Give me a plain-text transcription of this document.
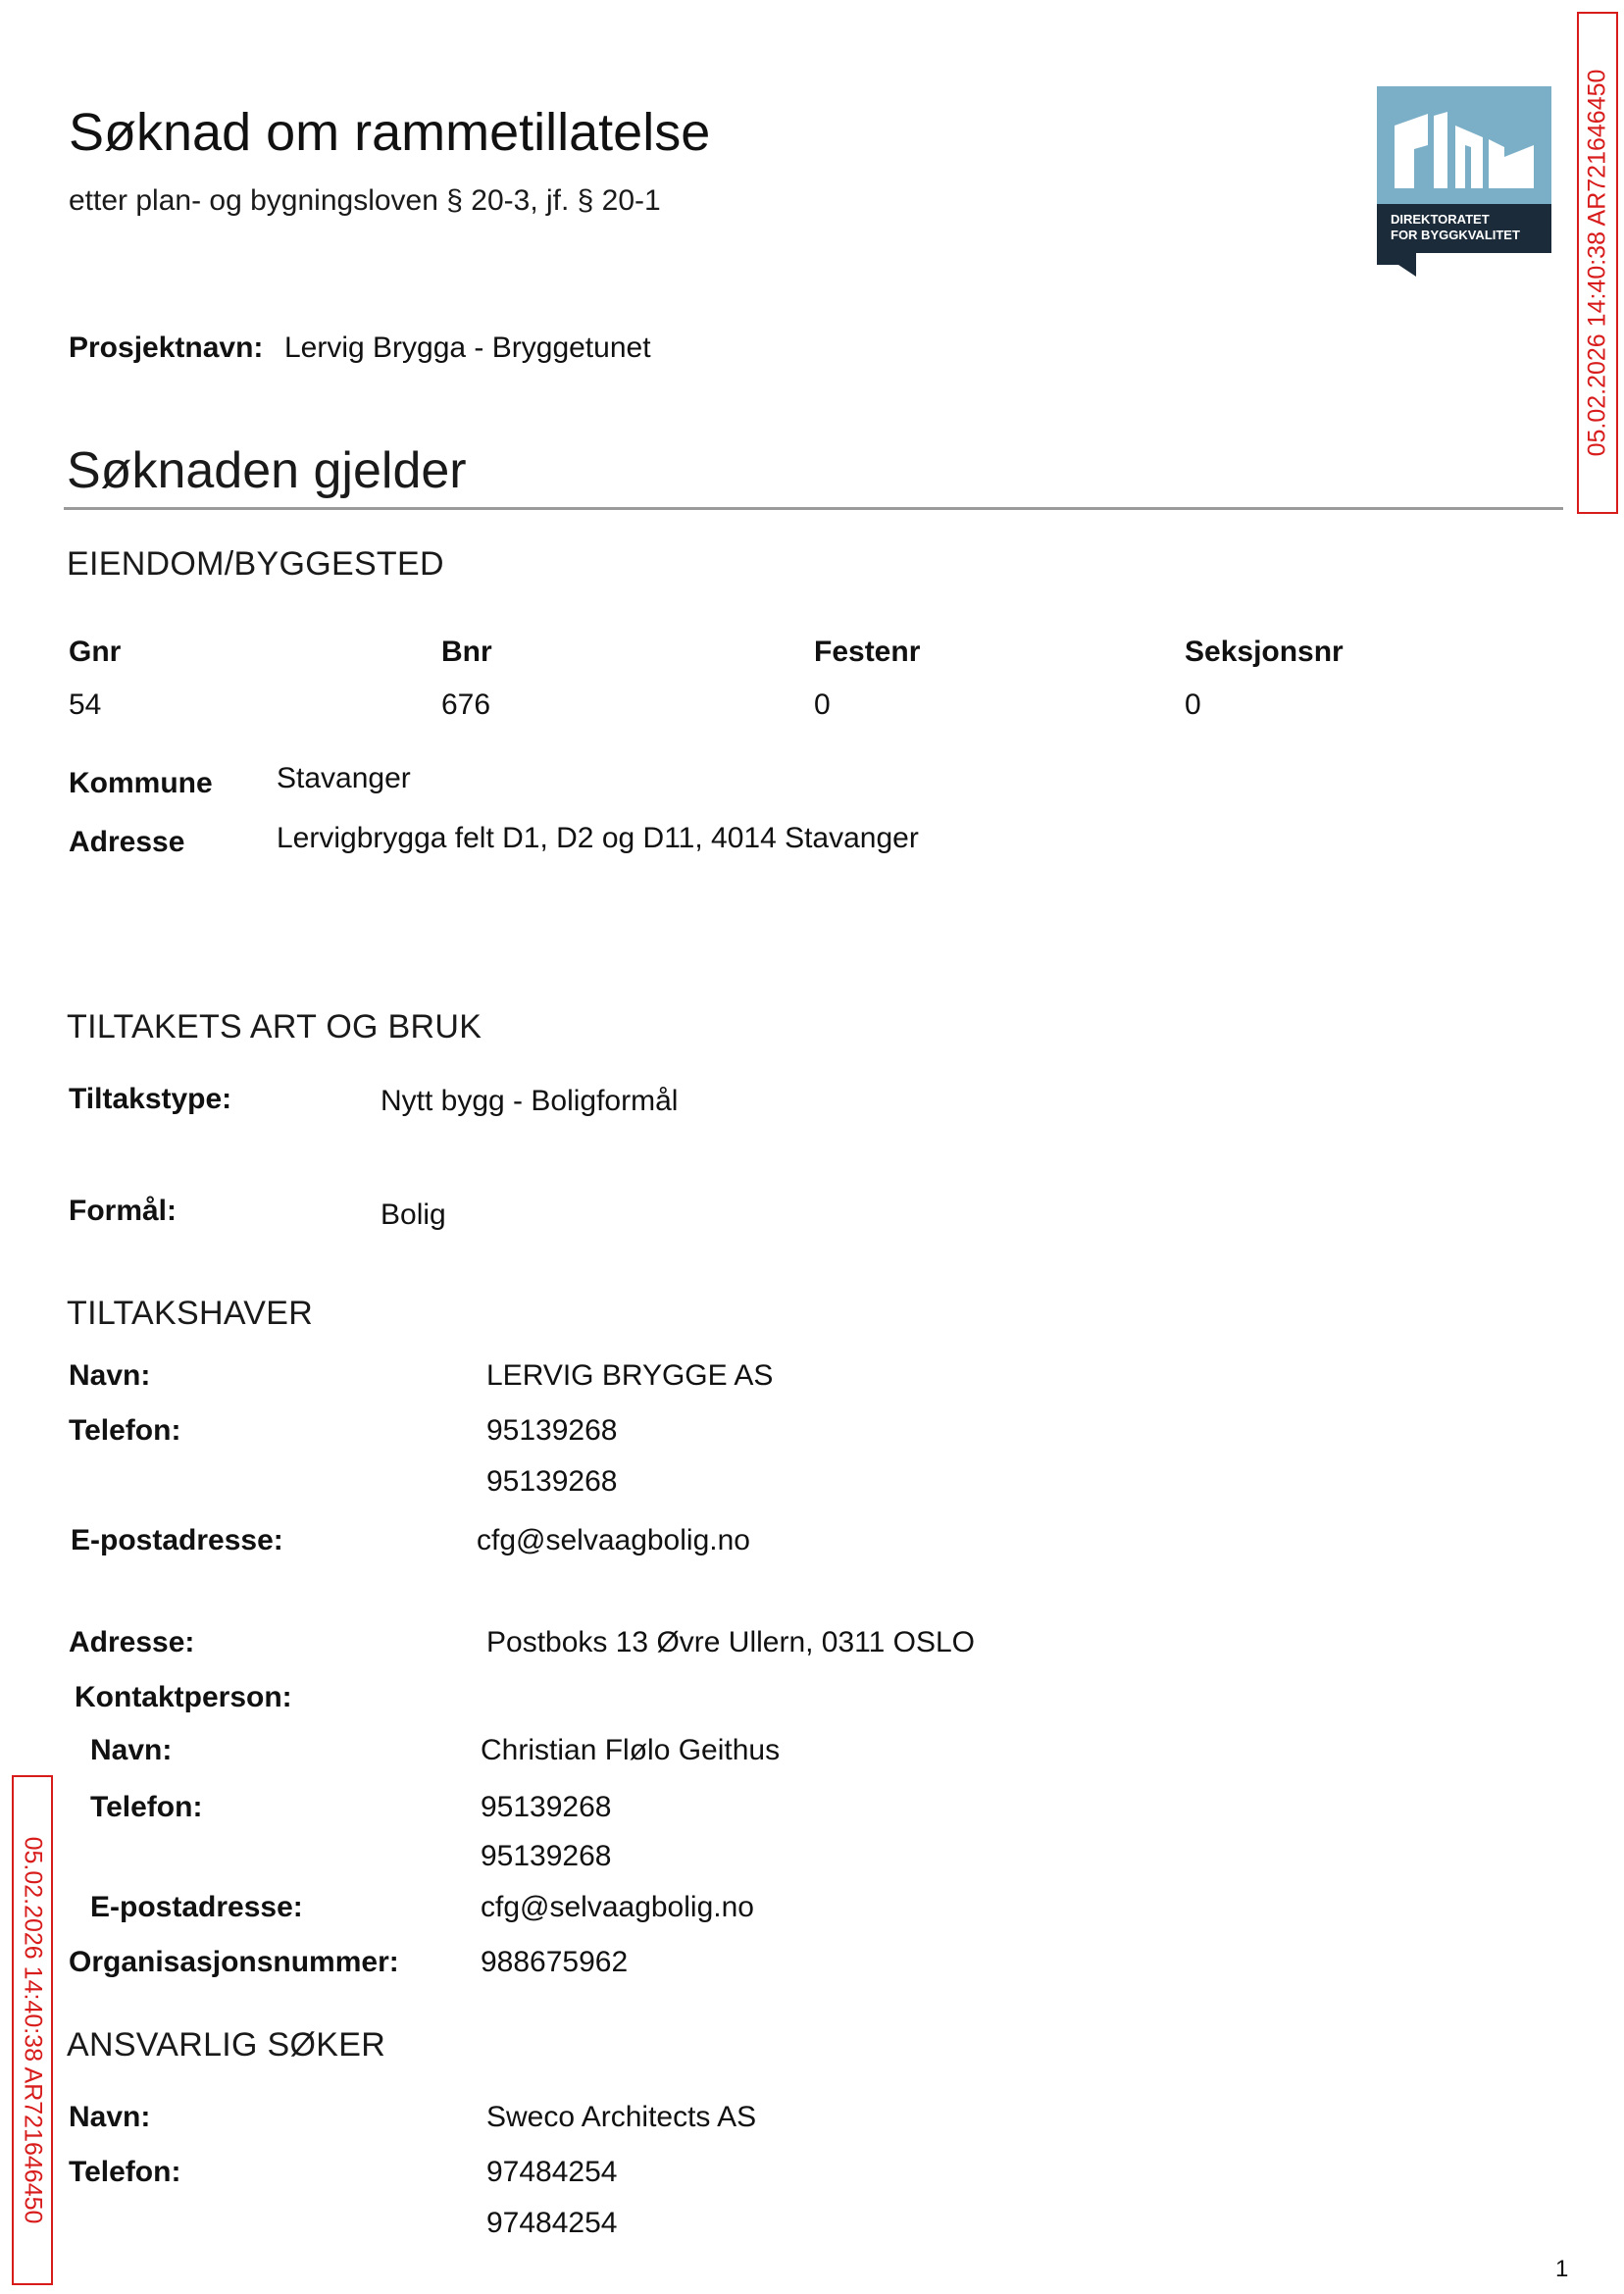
Søknad om rammetillatelse
etter plan- og bygningsloven § 20-3, jf. § 20-1
DIREKTORATET
FOR BYGGKVALITET	05.02.2026 14:40:38 AR721646450
05.02.2026 14:40:38 AR721646450
Prosjektnavn: Lervig Brygga - Bryggetunet
Søknaden gjelder
EIENDOM/BYGGESTED
Gnr	Bnr	Festenr	Seksjonsnr
54	676	0	0
Kommune Stavanger
Adresse	Lervigbrygga felt D1, D2 og D11, 4014 Stavanger
TILTAKETS ART OG BRUK
Tiltakstype:	Nytt bygg - Boligformål
Formål:	Bolig
TILTAKSHAVER
Navn:	LERVIG BRYGGE AS
Telefon:	95139268
95139268
E-postadresse:	cfg@selvaagbolig.no
Adresse:	Postboks 13 Øvre Ullern, 0311 OSLO
Kontaktperson:
Navn:	Christian Flølo Geithus
Telefon:	95139268
95139268
E-postadresse:	cfg@selvaagbolig.no
Organisasjonsnummer:	988675962
ANSVARLIG SØKER
Navn:	Sweco Architects AS
Telefon:	97484254
97484254
1
